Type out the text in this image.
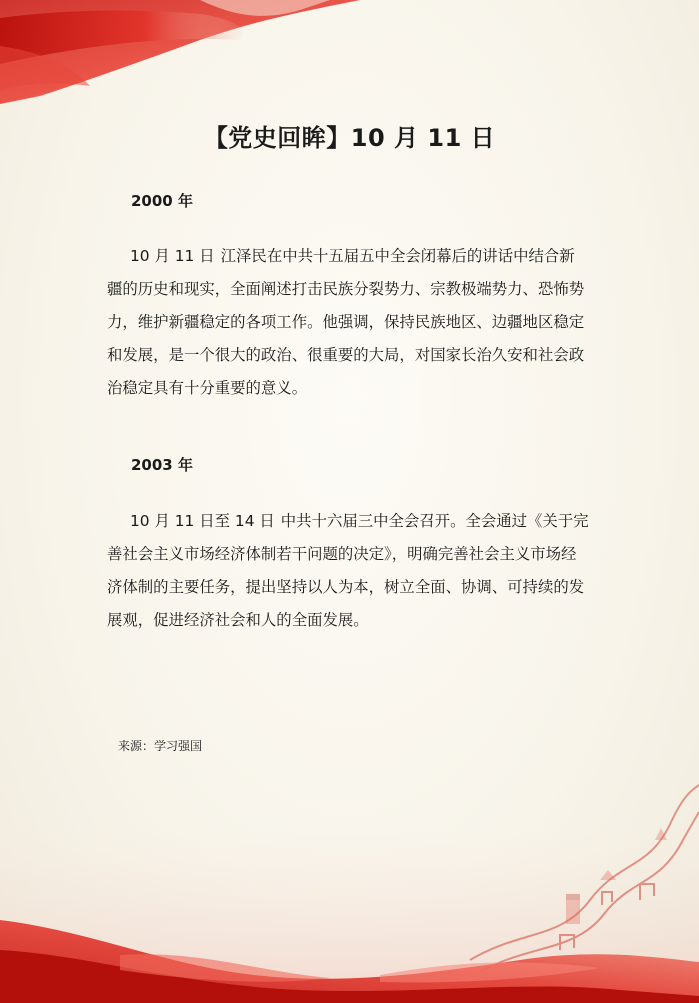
【党史回眸】10 月 11 日
2000 年

10 月 11 日 江泽民在中共十五届五中全会闭幕后的讲话中结合新
疆的历史和现实，全面阐述打击民族分裂势力、宗教极端势力、恐怖势
力，维护新疆稳定的各项工作。他强调，保持民族地区、边疆地区稳定
和发展，是一个很大的政治、很重要的大局，对国家长治久安和社会政
治稳定具有十分重要的意义。

2003 年

10 月 11 日至 14 日 中共十六届三中全会召开。全会通过《关于完
善社会主义市场经济体制若干问题的决定》，明确完善社会主义市场经
济体制的主要任务，提出坚持以人为本，树立全面、协调、可持续的发
展观，促进经济社会和人的全面发展。

来源：学习强国
